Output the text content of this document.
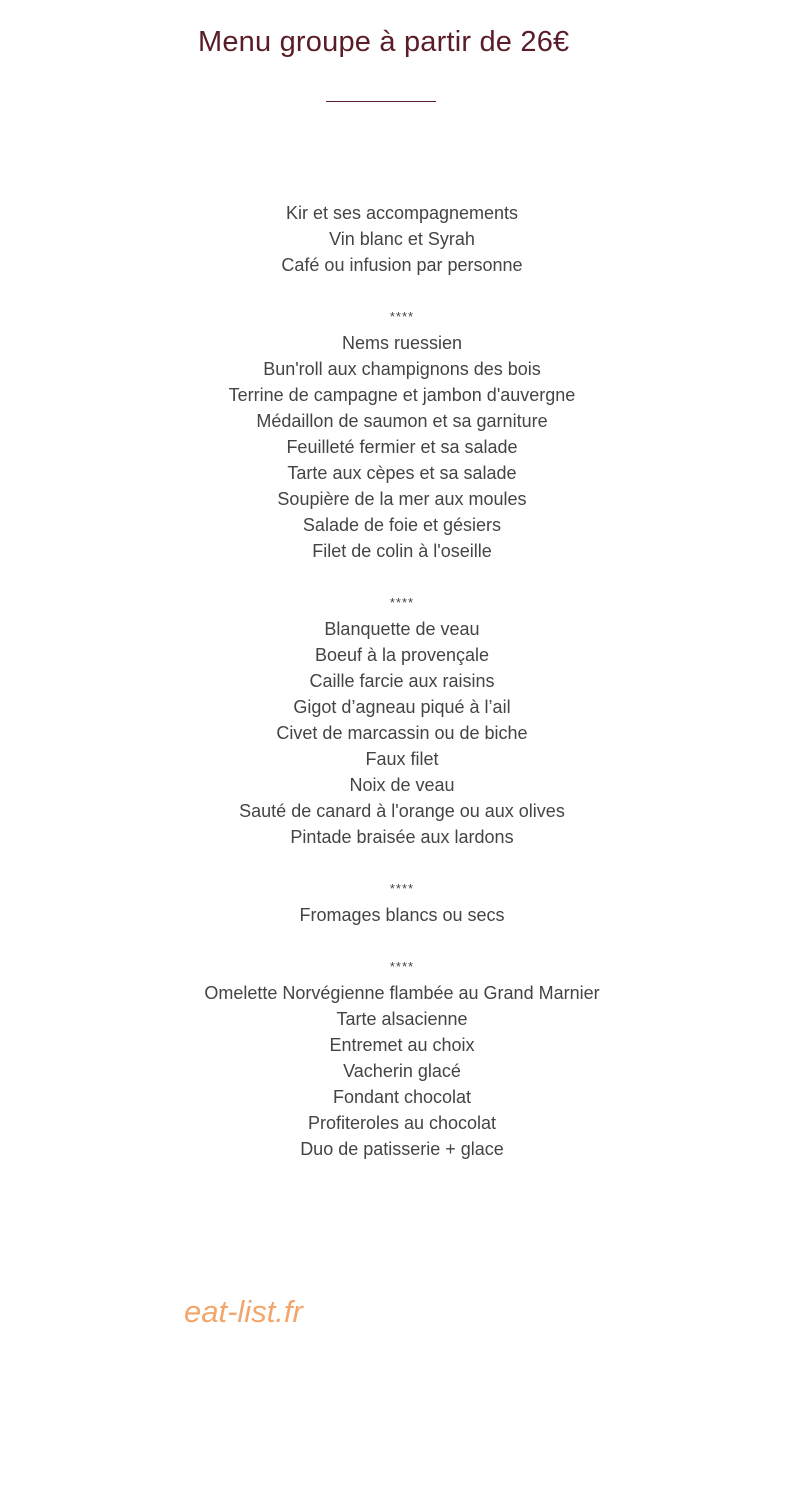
Menu groupe à partir de 26€
Kir et ses accompagnements
Vin blanc et Syrah
Café ou infusion par personne
****
Nems ruessien
Bun'roll aux champignons des bois
Terrine de campagne et jambon d'auvergne
Médaillon de saumon et sa garniture
Feuilleté fermier et sa salade
Tarte aux cèpes et sa salade
Soupière de la mer aux moules
Salade de foie et gésiers
Filet de colin à l'oseille
****
Blanquette de veau
Boeuf à la provençale
Caille farcie aux raisins
Gigot d’agneau piqué à l’ail
Civet de marcassin ou de biche
Faux filet
Noix de veau
Sauté de canard à l'orange ou aux olives
Pintade braisée aux lardons
****
Fromages blancs ou secs
****
Omelette Norvégienne flambée au Grand Marnier
Tarte alsacienne
Entremet au choix
Vacherin glacé
Fondant chocolat
Profiteroles au chocolat
Duo de patisserie + glace
eat-list.fr
